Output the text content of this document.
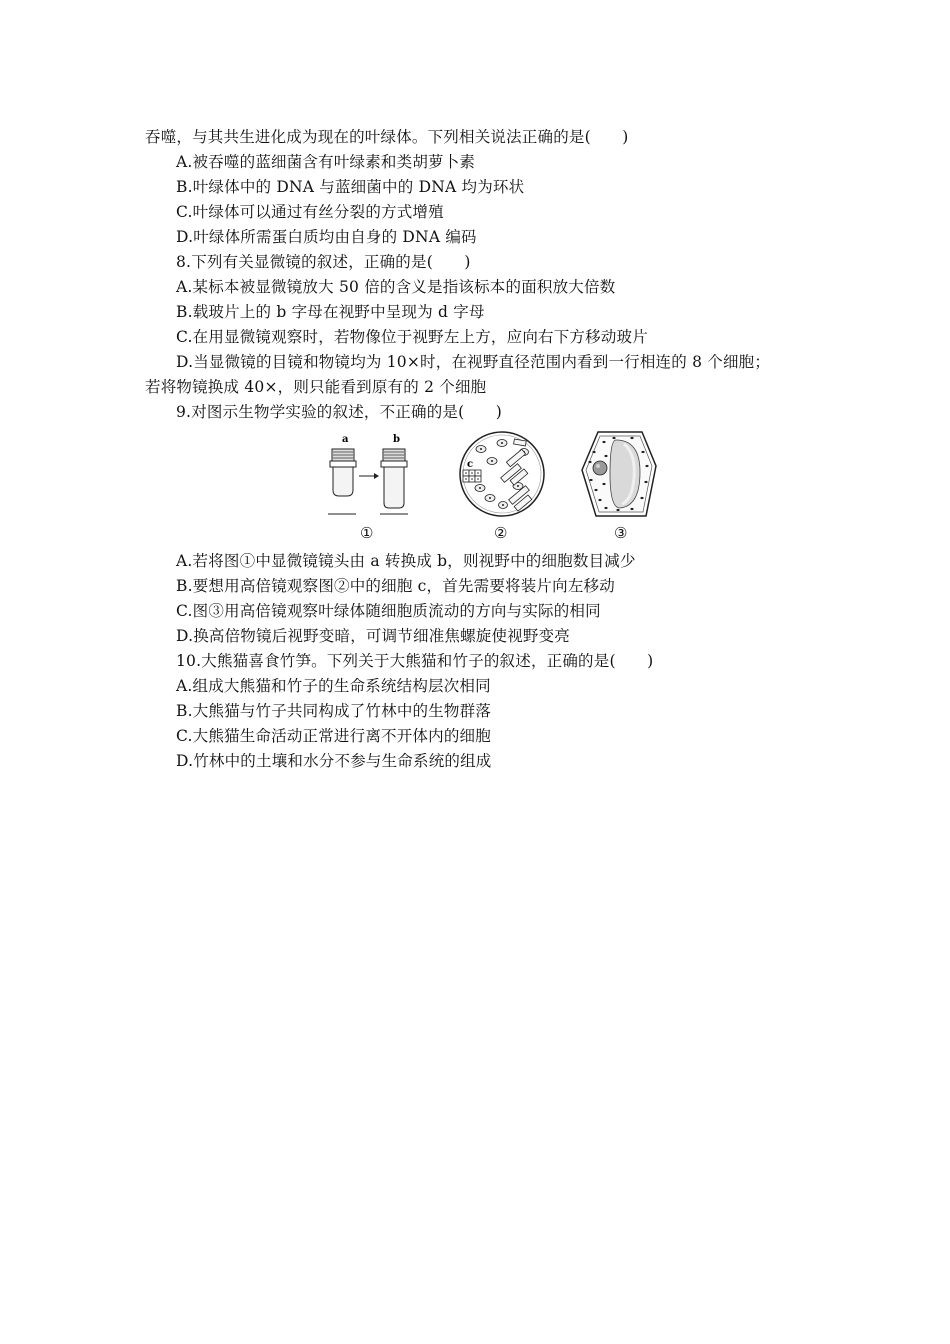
吞噬，与其共生进化成为现在的叶绿体。下列相关说法正确的是(　　)
A.被吞噬的蓝细菌含有叶绿素和类胡萝卜素
B.叶绿体中的 DNA 与蓝细菌中的 DNA 均为环状
C.叶绿体可以通过有丝分裂的方式增殖
D.叶绿体所需蛋白质均由自身的 DNA 编码
8.下列有关显微镜的叙述，正确的是(　　)
A.某标本被显微镜放大 50 倍的含义是指该标本的面积放大倍数
B.载玻片上的 b 字母在视野中呈现为 d 字母
C.在用显微镜观察时，若物像位于视野左上方，应向右下方移动玻片
D.当显微镜的目镜和物镜均为 10×时，在视野直径范围内看到一行相连的 8 个细胞；
若将物镜换成 40×，则只能看到原有的 2 个细胞
9.对图示生物学实验的叙述，不正确的是(　　)
a	b
①
c
②	③
A.若将图①中显微镜镜头由 a 转换成 b，则视野中的细胞数目减少
B.要想用高倍镜观察图②中的细胞 c，首先需要将装片向左移动
C.图③用高倍镜观察叶绿体随细胞质流动的方向与实际的相同
D.换高倍物镜后视野变暗，可调节细准焦螺旋使视野变亮
10.大熊猫喜食竹笋。下列关于大熊猫和竹子的叙述，正确的是(　　)
A.组成大熊猫和竹子的生命系统结构层次相同
B.大熊猫与竹子共同构成了竹林中的生物群落
C.大熊猫生命活动正常进行离不开体内的细胞
D.竹林中的土壤和水分不参与生命系统的组成
